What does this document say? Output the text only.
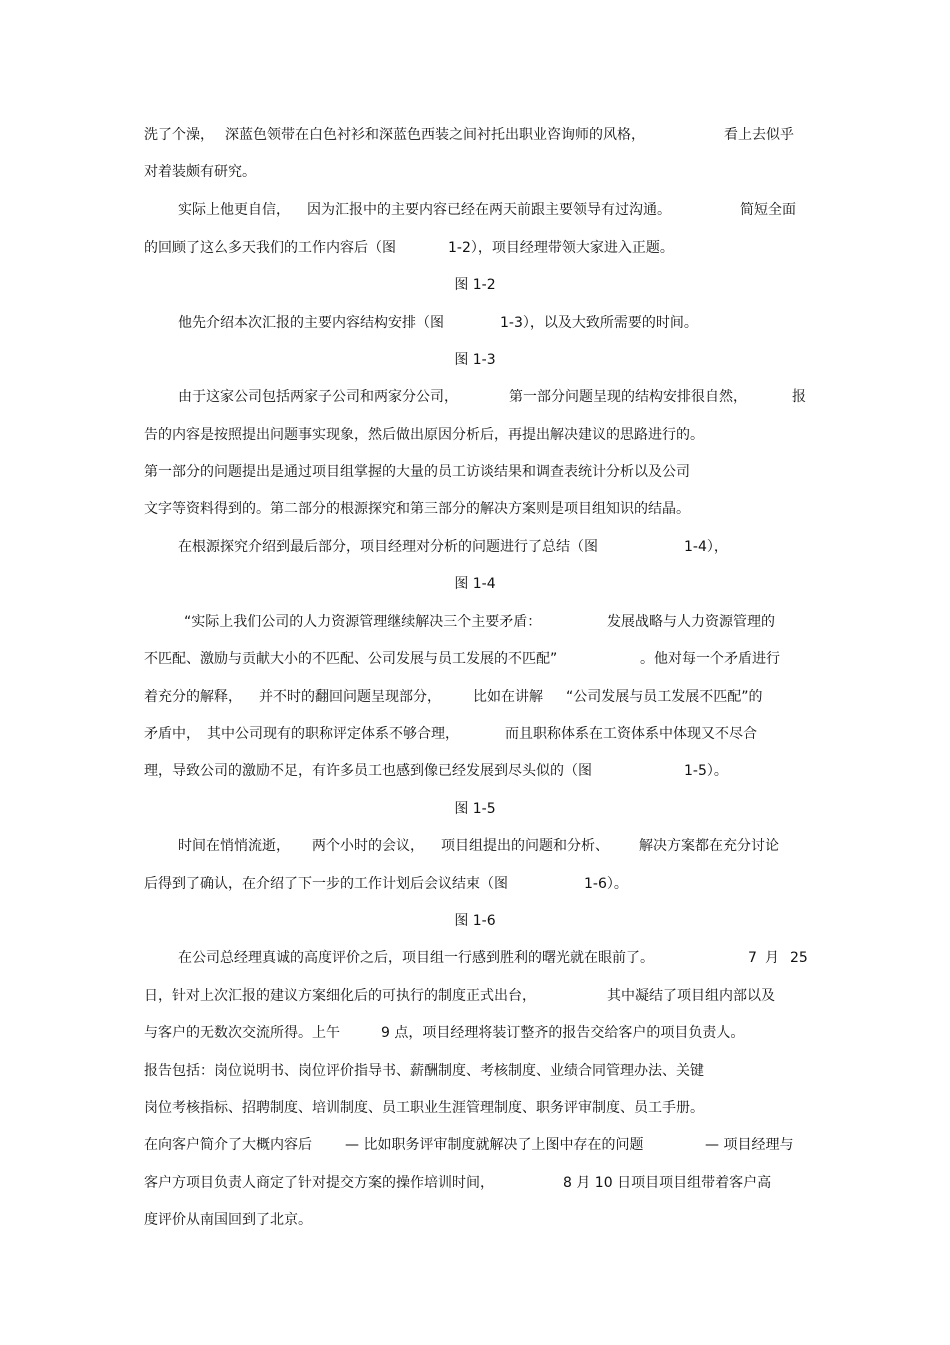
洗了个澡，

深蓝色领带在白色衬衫和深蓝色西装之间衬托出职业咨询师的风格，

	看上去似乎

对着装颇有研究。

实际上他更自信，

因为汇报中的主要内容已经在两天前跟主要领导有过沟通。

	简短全面

的回顾了这么多天我们的工作内容后（图

	1-2），项目经理带领大家进入正题。

图 1-2

他先介绍本次汇报的主要内容结构安排（图

	1-3），以及大致所需要的时间。

图 1-3

由于这家公司包括两家子公司和两家分公司，

	第一部分问题呈现的结构安排很自然，

	报

告的内容是按照提出问题事实现象，然后做出原因分析后，再提出解决建议的思路进行的。

第一部分的问题提出是通过项目组掌握的大量的员工访谈结果和调查表统计分析以及公司

文字等资料得到的。第二部分的根源探究和第三部分的解决方案则是项目组知识的结晶。

在根源探究介绍到最后部分，项目经理对分析的问题进行了总结（图

	1-4），

图 1-4

“实际上我们公司的人力资源管理继续解决三个主要矛盾：

	发展战略与人力资源管理的

不匹配、激励与贡献大小的不匹配、公司发展与员工发展的不匹配”

	。他对每一个矛盾进行

着充分的解释，

并不时的翻回问题呈现部分，

比如在讲解

“公司发展与员工发展不匹配”的

矛盾中，

其中公司现有的职称评定体系不够合理，

	而且职称体系在工资体系中体现又不尽合

理，导致公司的激励不足，有许多员工也感到像已经发展到尽头似的（图

	1-5）。

图 1-5

时间在悄悄流逝，

两个小时的会议，

项目组提出的问题和分析、

解决方案都在充分讨论

后得到了确认，在介绍了下一步的工作计划后会议结束（图

	1-6）。

图 1-6

在公司总经理真诚的高度评价之后，项目组一行感到胜利的曙光就在眼前了。

	7

月

25

日，针对上次汇报的建议方案细化后的可执行的制度正式出台，

	其中凝结了项目组内部以及

与客户的无数次交流所得。上午

	9 点，项目经理将装订整齐的报告交给客户的项目负责人。

报告包括：岗位说明书、岗位评价指导书、薪酬制度、考核制度、业绩合同管理办法、关键

岗位考核指标、招聘制度、培训制度、员工职业生涯管理制度、职务评审制度、员工手册。

在向客户简介了大概内容后

— 比如职务评审制度就解决了上图中存在的问题

	— 项目经理与

客户方项目负责人商定了针对提交方案的操作培训时间，

	8 月 10 日项目项目组带着客户高

度评价从南国回到了北京。
